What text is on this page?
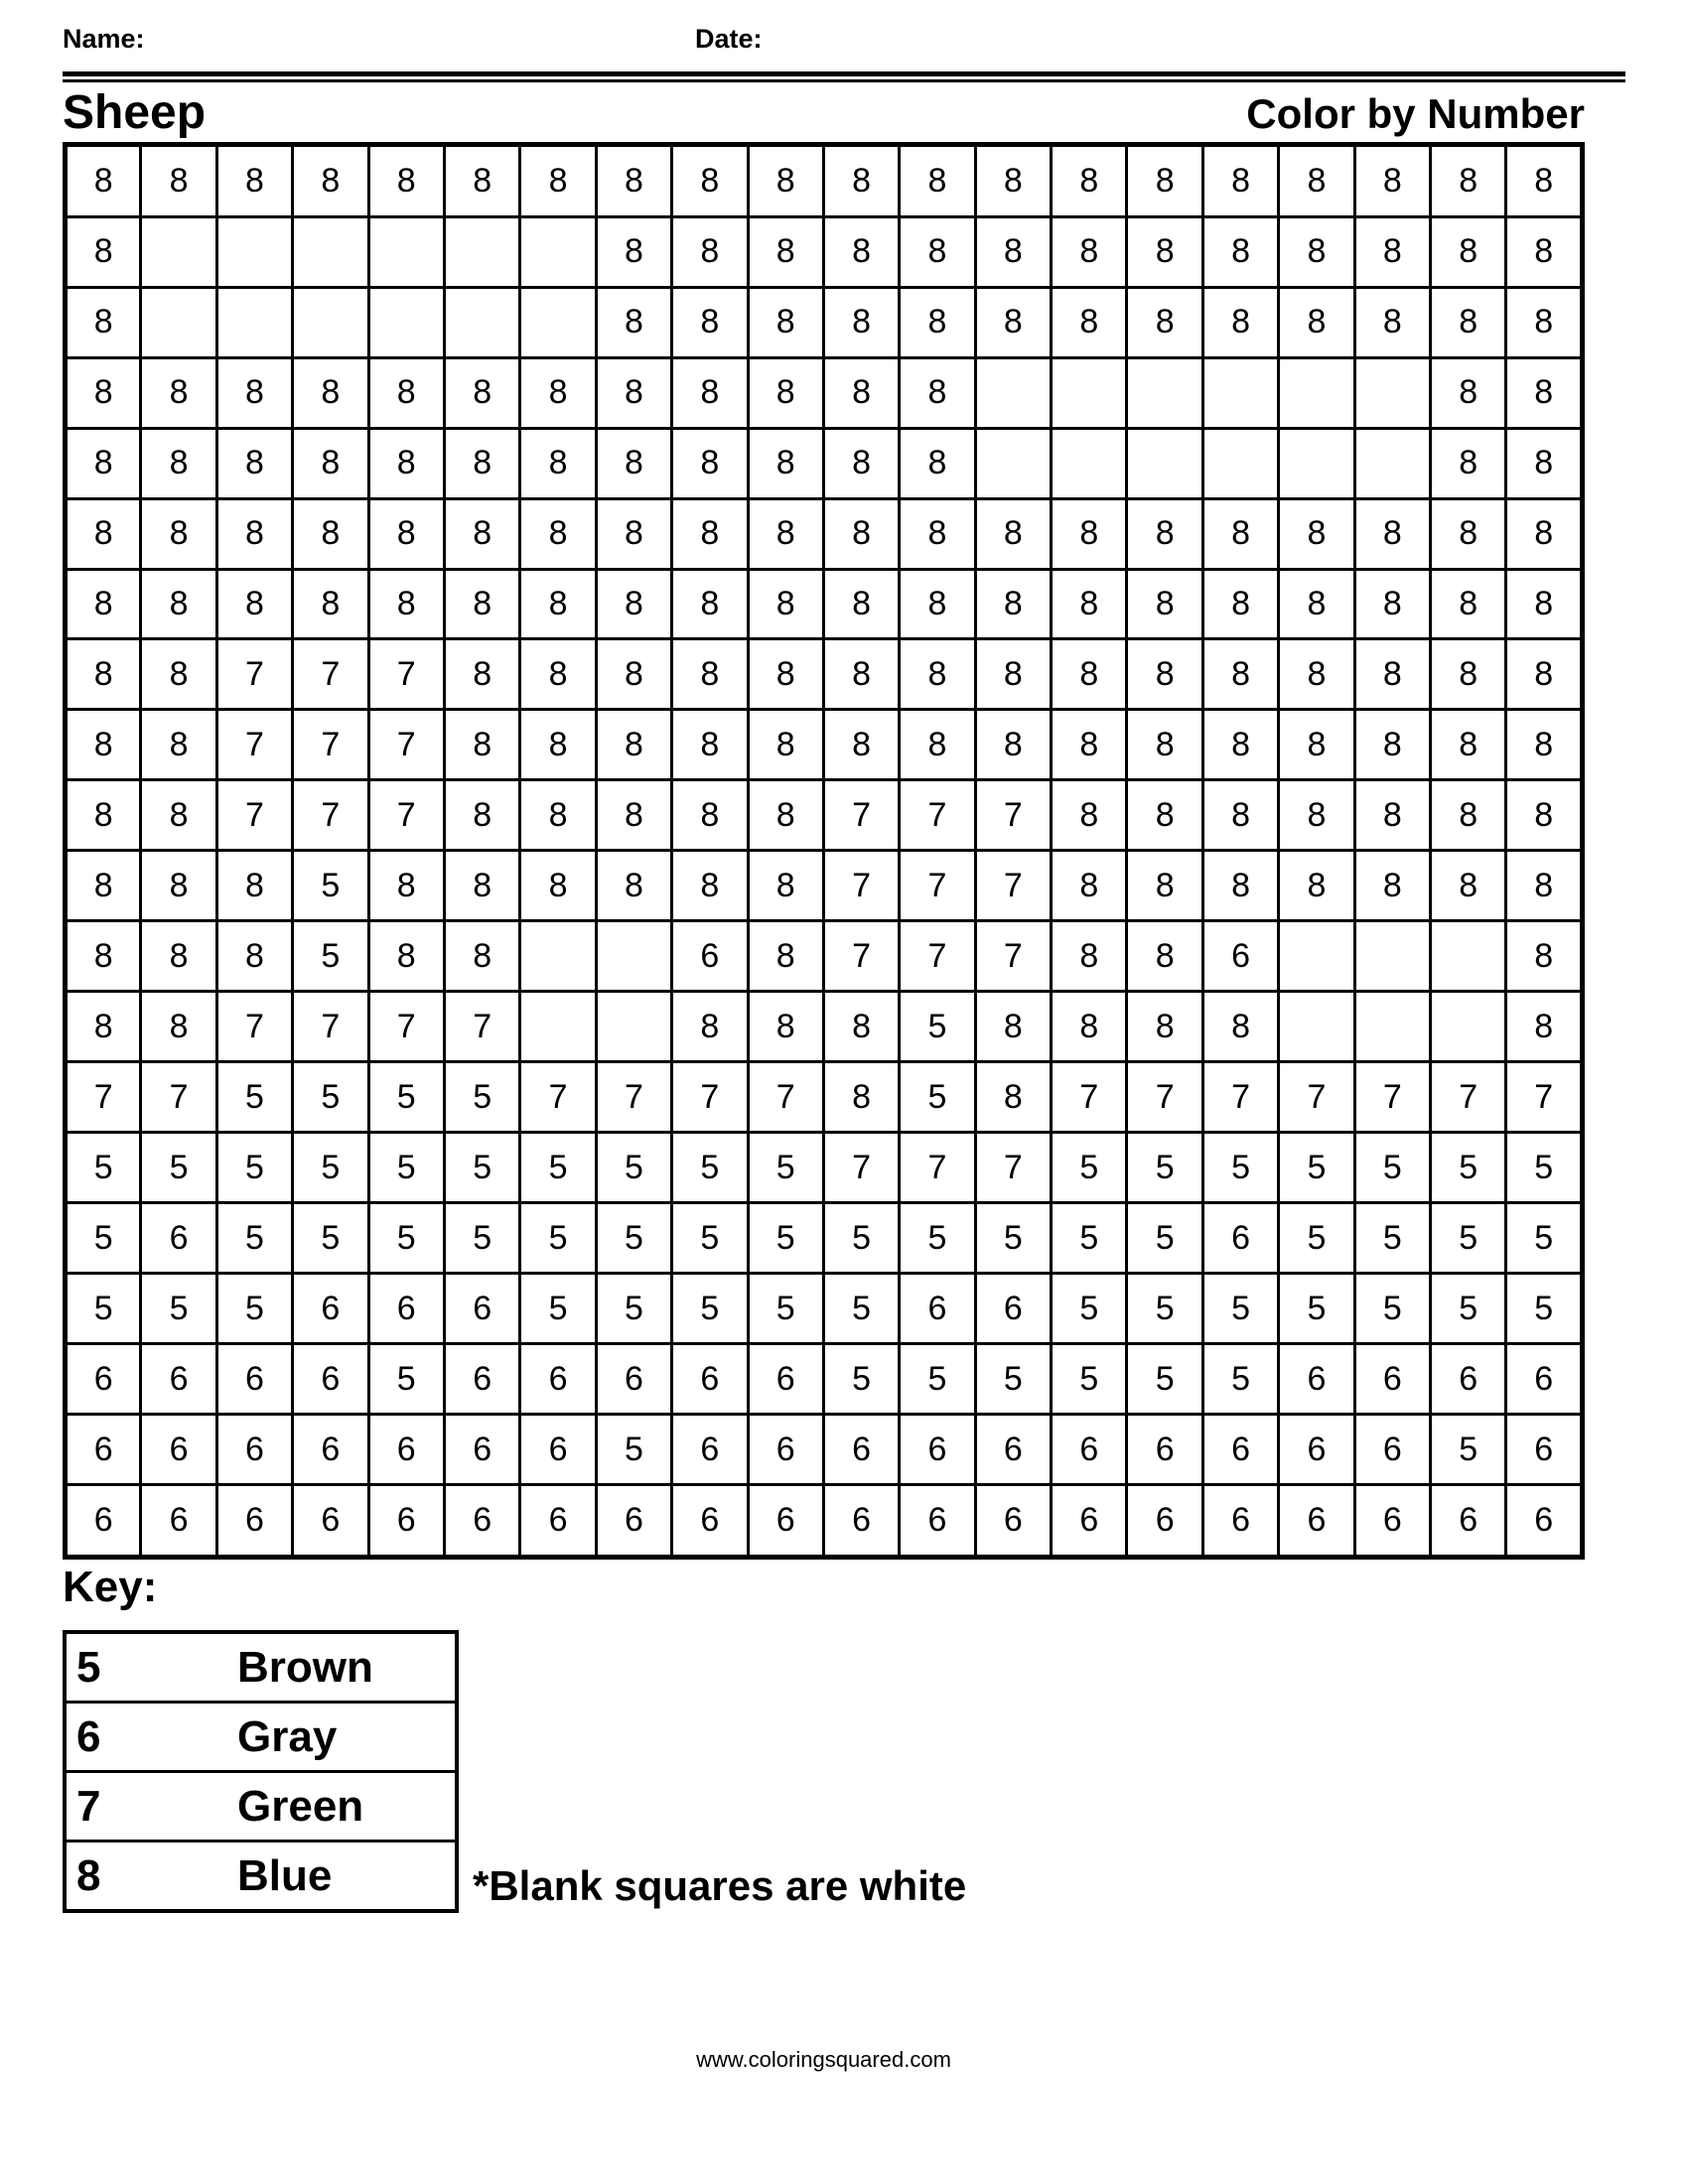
Name:	Date:
Sheep	Color by Number
8	8	8	8	8	8	8	8	8	8	8	8	8	8	8	8	8	8	8	8
8							8	8	8	8	8	8	8	8	8	8	8	8	8
8							8	8	8	8	8	8	8	8	8	8	8	8	8
8	8	8	8	8	8	8	8	8	8	8	8							8	8
8	8	8	8	8	8	8	8	8	8	8	8							8	8
8	8	8	8	8	8	8	8	8	8	8	8	8	8	8	8	8	8	8	8
8	8	8	8	8	8	8	8	8	8	8	8	8	8	8	8	8	8	8	8
8	8	7	7	7	8	8	8	8	8	8	8	8	8	8	8	8	8	8	8
8	8	7	7	7	8	8	8	8	8	8	8	8	8	8	8	8	8	8	8
8	8	7	7	7	8	8	8	8	8	7	7	7	8	8	8	8	8	8	8
8	8	8	5	8	8	8	8	8	8	7	7	7	8	8	8	8	8	8	8
8	8	8	5	8	8			6	8	7	7	7	8	8	6				8
8	8	7	7	7	7			8	8	8	5	8	8	8	8				8
7	7	5	5	5	5	7	7	7	7	8	5	8	7	7	7	7	7	7	7
5	5	5	5	5	5	5	5	5	5	7	7	7	5	5	5	5	5	5	5
5	6	5	5	5	5	5	5	5	5	5	5	5	5	5	6	5	5	5	5
5	5	5	6	6	6	5	5	5	5	5	6	6	5	5	5	5	5	5	5
6	6	6	6	5	6	6	6	6	6	5	5	5	5	5	5	6	6	6	6
6	6	6	6	6	6	6	5	6	6	6	6	6	6	6	6	6	6	5	6
6	6	6	6	6	6	6	6	6	6	6	6	6	6	6	6	6	6	6	6
Key:
5	Brown
6	Gray
7	Green
8	Blue	*Blank squares are white
www.coloringsquared.com
